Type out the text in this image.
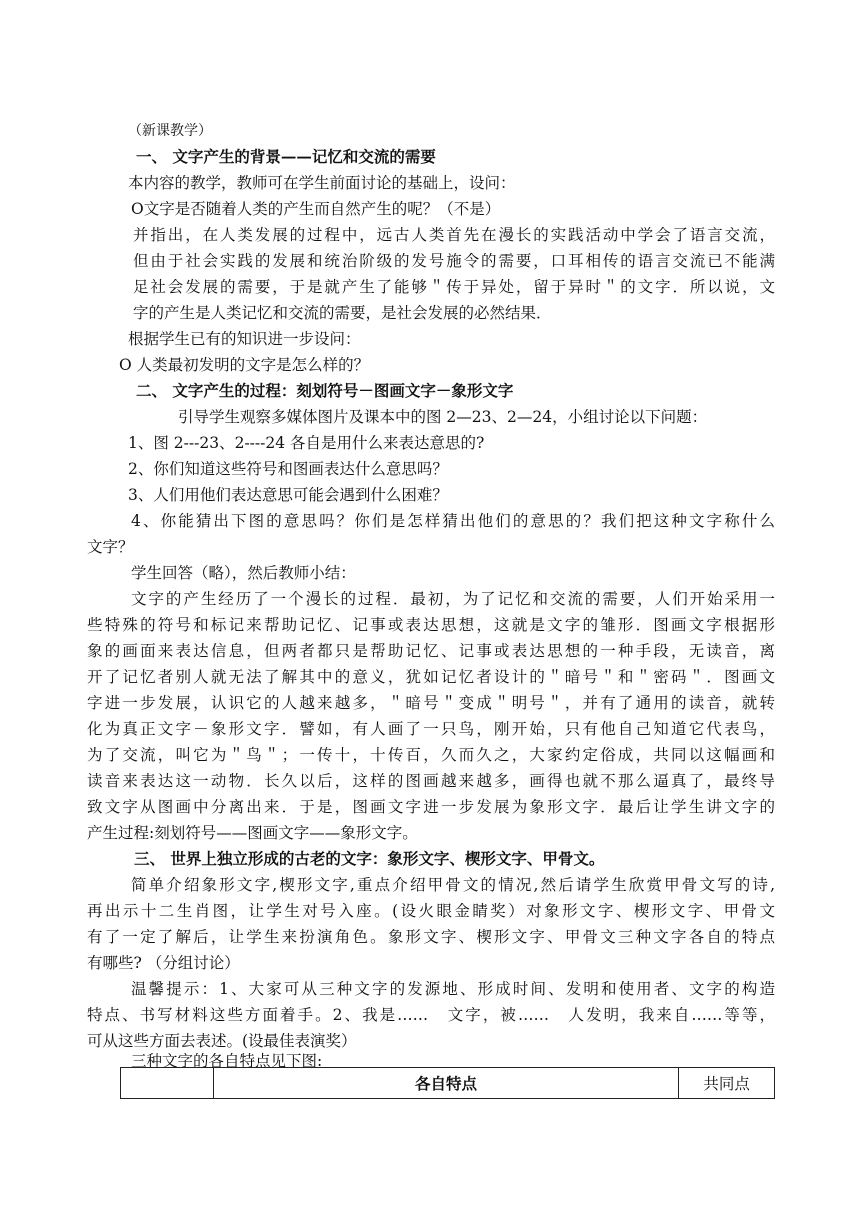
（新课教学）

一、 文字产生的背景——记忆和交流的需要

本内容的教学，教师可在学生前面讨论的基础上，设问：

O文字是否随着人类的产生而自然产生的呢？（不是）

并指出，在人类发展的过程中，远古人类首先在漫长的实践活动中学会了语言交流，

但由于社会实践的发展和统治阶级的发号施令的需要，口耳相传的语言交流已不能满

足社会发展的需要，于是就产生了能够＂传于异处，留于异时＂的文字．所以说，文

字的产生是人类记忆和交流的需要，是社会发展的必然结果．

根据学生已有的知识进一步设问：

O 人类最初发明的文字是怎么样的？

二、 文字产生的过程：刻划符号－图画文字－象形文字

引导学生观察多媒体图片及课本中的图 2—23、2—24，小组讨论以下问题：

1、图 2---23、2----24 各自是用什么来表达意思的?

2、你们知道这些符号和图画表达什么意思吗？

3、人们用他们表达意思可能会遇到什么困难？

4、你能猜出下图的意思吗？你们是怎样猜出他们的意思的？我们把这种文字称什么

文字？

学生回答（略），然后教师小结：

文字的产生经历了一个漫长的过程．最初，为了记忆和交流的需要，人们开始采用一

些特殊的符号和标记来帮助记忆、记事或表达思想，这就是文字的雏形．图画文字根据形

象的画面来表达信息，但两者都只是帮助记忆、记事或表达思想的一种手段，无读音，离

开了记忆者别人就无法了解其中的意义，犹如记忆者设计的＂暗号＂和＂密码＂．图画文

字进一步发展，认识它的人越来越多，＂暗号＂变成＂明号＂，并有了通用的读音，就转

化为真正文字－象形文字．譬如，有人画了一只鸟，刚开始，只有他自己知道它代表鸟，

为了交流，叫它为＂鸟＂；一传十，十传百，久而久之，大家约定俗成，共同以这幅画和

读音来表达这一动物．长久以后，这样的图画越来越多，画得也就不那么逼真了，最终导

致文字从图画中分离出来．于是，图画文字进一步发展为象形文字．最后让学生讲文字的

产生过程:刻划符号——图画文字——象形文字。

三、 世界上独立形成的古老的文字：象形文字、楔形文字、甲骨文。

简单介绍象形文字,楔形文字,重点介绍甲骨文的情况,然后请学生欣赏甲骨文写的诗,

再出示十二生肖图，让学生对号入座。(设火眼金睛奖）对象形文字、楔形文字、甲骨文

有了一定了解后，让学生来扮演角色。象形文字、楔形文字、甲骨文三种文字各自的特点

有哪些? （分组讨论）

温馨提示：1、大家可从三种文字的发源地、形成时间、发明和使用者、文字的构造

特点、书写材料这些方面着手。2、我是……　文字，被……　人发明，我来自……等等，

可从这些方面去表述。(设最佳表演奖）

三种文字的各自特点见下图:

	各自特点	共同点
